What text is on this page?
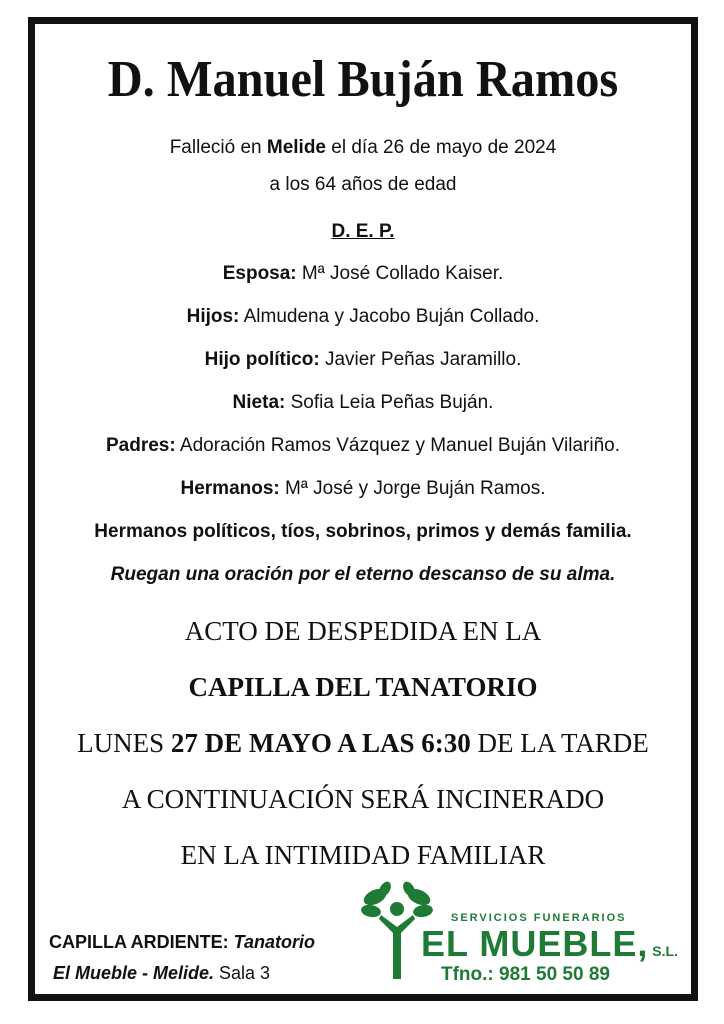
D. Manuel Buján Ramos
Falleció en Melide el día 26 de mayo de 2024
a los 64 años de edad
D. E. P.
Esposa: Mª José Collado Kaiser.
Hijos: Almudena y Jacobo Buján Collado.
Hijo político: Javier Peñas Jaramillo.
Nieta: Sofia Leia Peñas Buján.
Padres: Adoración Ramos Vázquez y Manuel Buján Vilariño.
Hermanos: Mª José y Jorge Buján Ramos.
Hermanos políticos, tíos, sobrinos, primos y demás familia.
Ruegan una oración por el eterno descanso de su alma.
ACTO DE DESPEDIDA EN LA
CAPILLA DEL TANATORIO
LUNES 27 DE MAYO A LAS 6:30 DE LA TARDE
A CONTINUACIÓN SERÁ INCINERADO
EN LA INTIMIDAD FAMILIAR
CAPILLA ARDIENTE: Tanatorio
El Mueble - Melide. Sala 3
SERVICIOS FUNERARIOS
EL MUEBLE, S.L.
Tfno.: 981 50 50 89
